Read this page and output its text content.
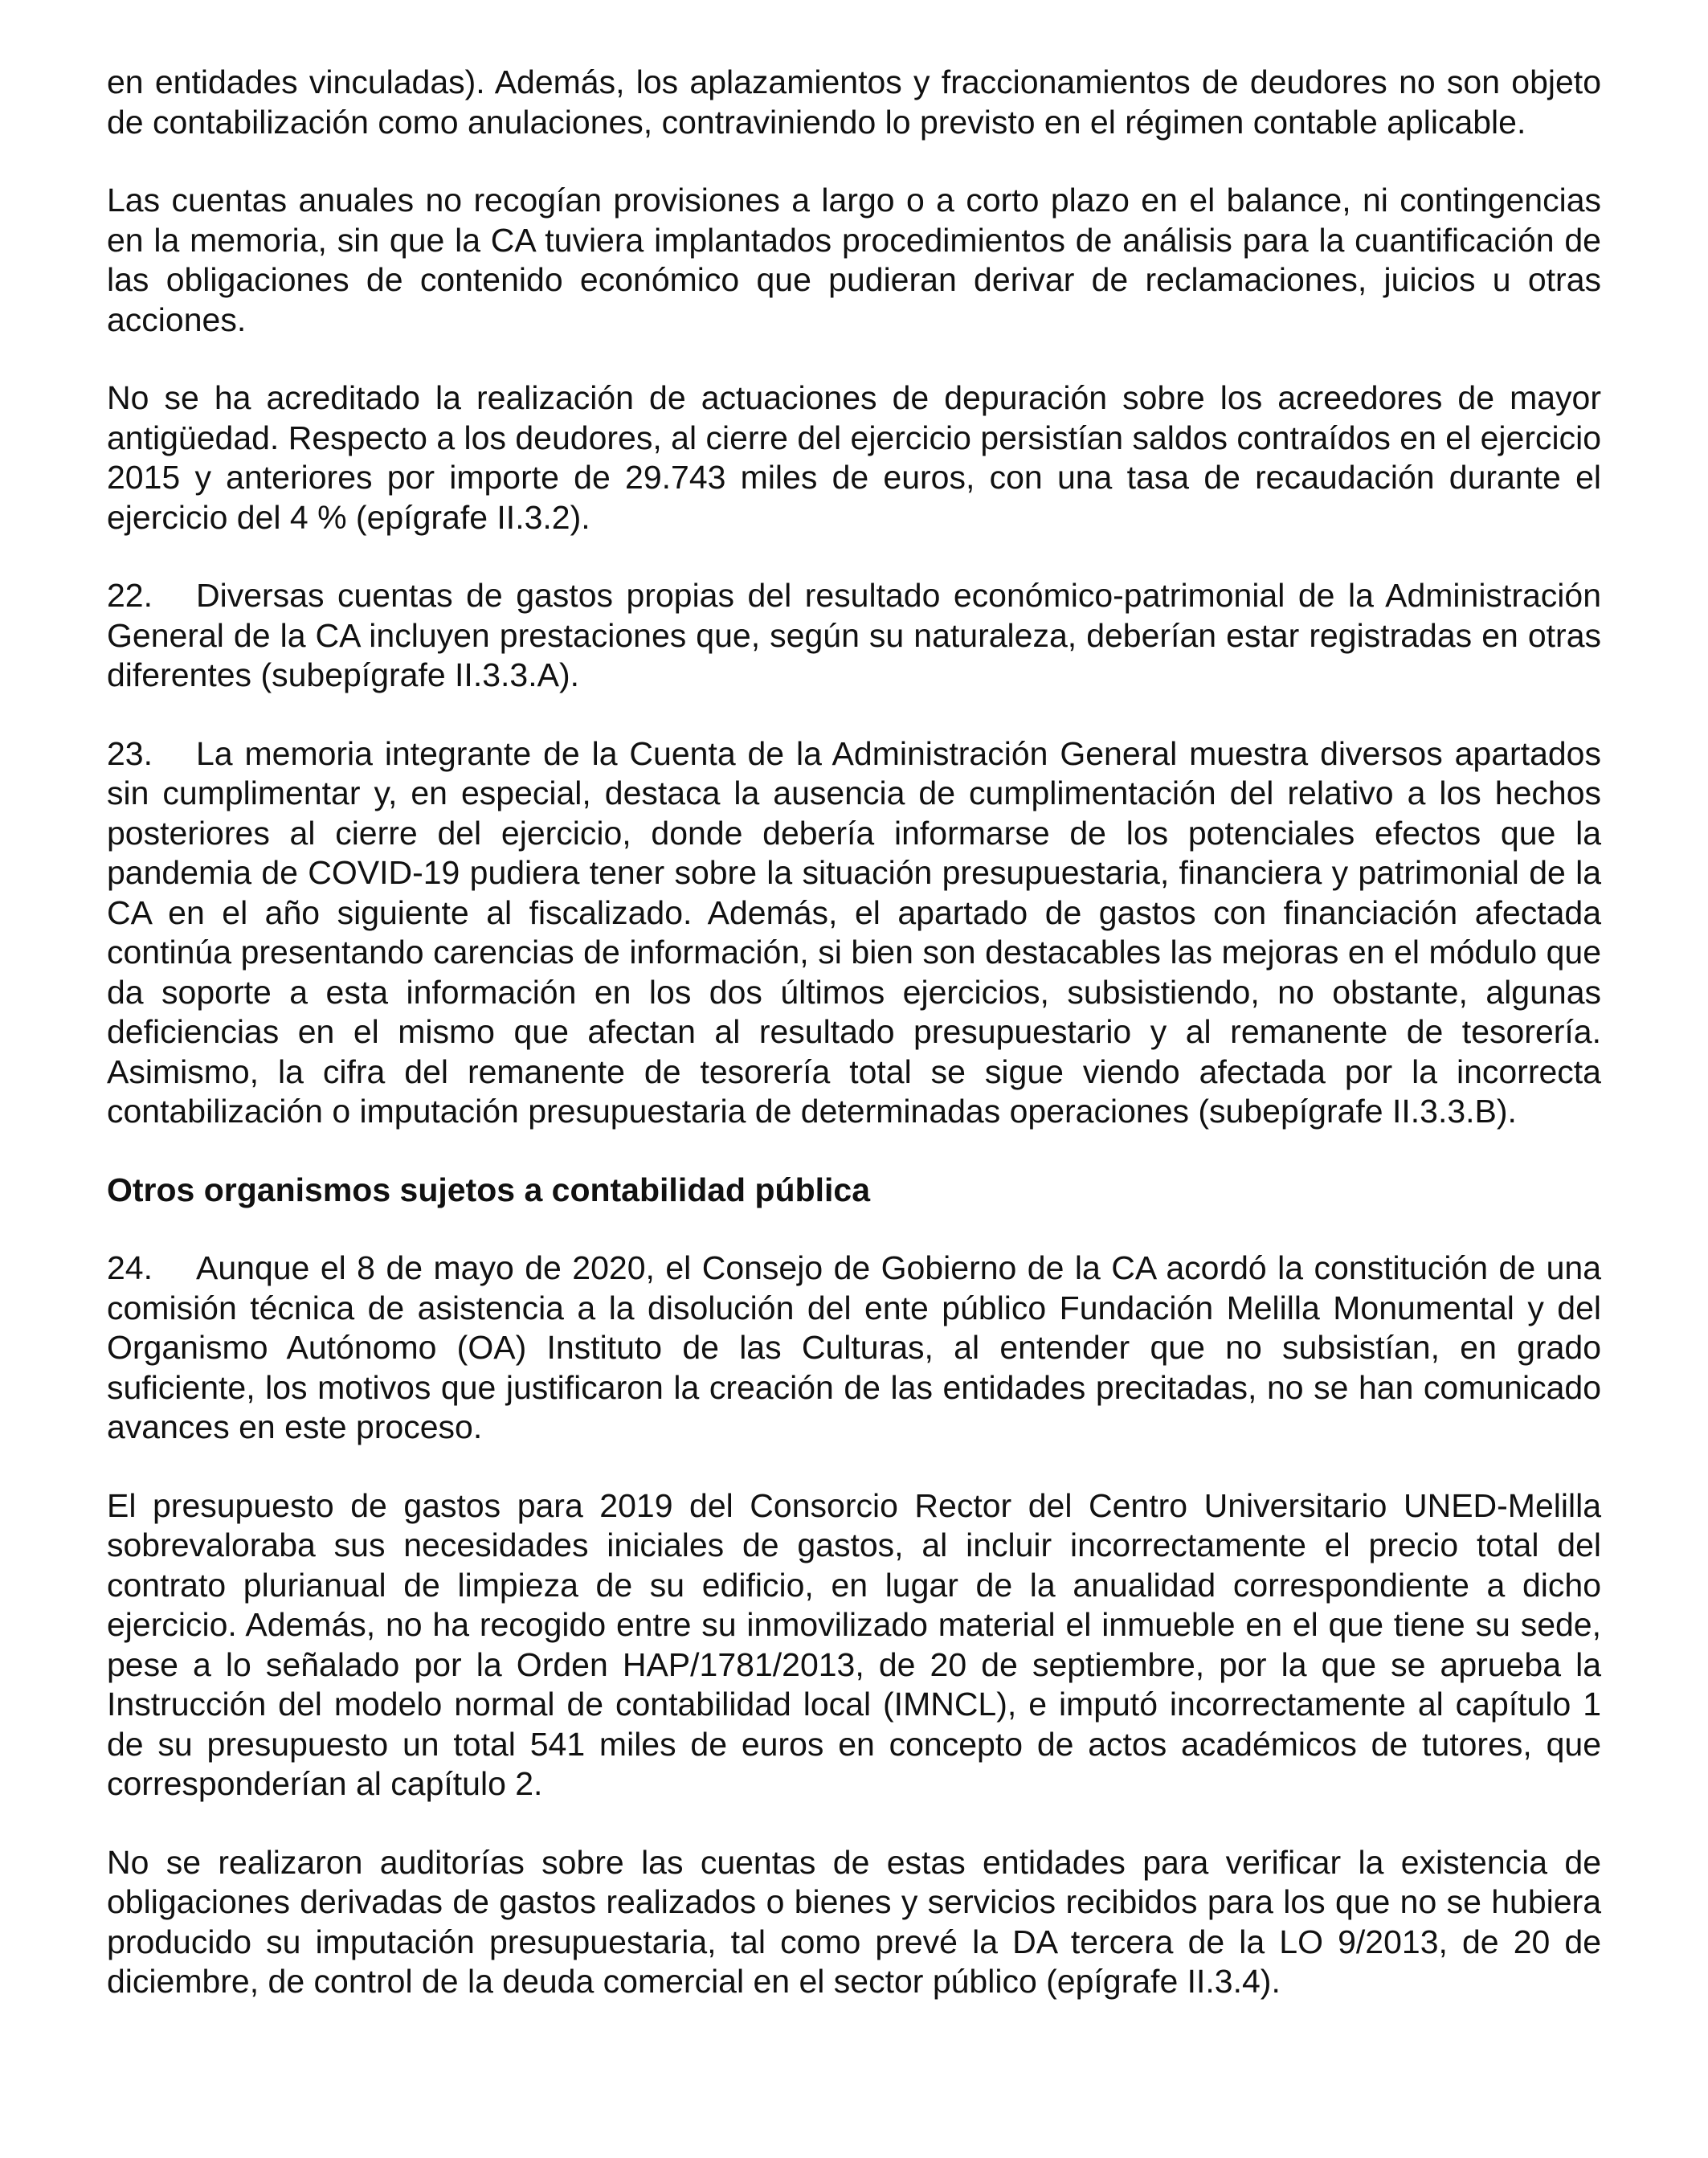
en entidades vinculadas). Además, los aplazamientos y fraccionamientos de deudores no son objeto de contabilización como anulaciones, contraviniendo lo previsto en el régimen contable aplicable.

Las cuentas anuales no recogían provisiones a largo o a corto plazo en el balance, ni contingencias en la memoria, sin que la CA tuviera implantados procedimientos de análisis para la cuantificación de las obligaciones de contenido económico que pudieran derivar de reclamaciones, juicios u otras acciones.

No se ha acreditado la realización de actuaciones de depuración sobre los acreedores de mayor antigüedad. Respecto a los deudores, al cierre del ejercicio persistían saldos contraídos en el ejercicio 2015 y anteriores por importe de 29.743 miles de euros, con una tasa de recaudación durante el ejercicio del 4 % (epígrafe II.3.2).

22. Diversas cuentas de gastos propias del resultado económico-patrimonial de la Administración General de la CA incluyen prestaciones que, según su naturaleza, deberían estar registradas en otras diferentes (subepígrafe II.3.3.A).

23. La memoria integrante de la Cuenta de la Administración General muestra diversos apartados sin cumplimentar y, en especial, destaca la ausencia de cumplimentación del relativo a los hechos posteriores al cierre del ejercicio, donde debería informarse de los potenciales efectos que la pandemia de COVID-19 pudiera tener sobre la situación presupuestaria, financiera y patrimonial de la CA en el año siguiente al fiscalizado. Además, el apartado de gastos con financiación afectada continúa presentando carencias de información, si bien son destacables las mejoras en el módulo que da soporte a esta información en los dos últimos ejercicios, subsistiendo, no obstante, algunas deficiencias en el mismo que afectan al resultado presupuestario y al remanente de tesorería. Asimismo, la cifra del remanente de tesorería total se sigue viendo afectada por la incorrecta contabilización o imputación presupuestaria de determinadas operaciones (subepígrafe II.3.3.B).

Otros organismos sujetos a contabilidad pública

24. Aunque el 8 de mayo de 2020, el Consejo de Gobierno de la CA acordó la constitución de una comisión técnica de asistencia a la disolución del ente público Fundación Melilla Monumental y del Organismo Autónomo (OA) Instituto de las Culturas, al entender que no subsistían, en grado suficiente, los motivos que justificaron la creación de las entidades precitadas, no se han comunicado avances en este proceso.

El presupuesto de gastos para 2019 del Consorcio Rector del Centro Universitario UNED-Melilla sobrevaloraba sus necesidades iniciales de gastos, al incluir incorrectamente el precio total del contrato plurianual de limpieza de su edificio, en lugar de la anualidad correspondiente a dicho ejercicio. Además, no ha recogido entre su inmovilizado material el inmueble en el que tiene su sede, pese a lo señalado por la Orden HAP/1781/2013, de 20 de septiembre, por la que se aprueba la Instrucción del modelo normal de contabilidad local (IMNCL), e imputó incorrectamente al capítulo 1 de su presupuesto un total 541 miles de euros en concepto de actos académicos de tutores, que corresponderían al capítulo 2.

No se realizaron auditorías sobre las cuentas de estas entidades para verificar la existencia de obligaciones derivadas de gastos realizados o bienes y servicios recibidos para los que no se hubiera producido su imputación presupuestaria, tal como prevé la DA tercera de la LO 9/2013, de 20 de diciembre, de control de la deuda comercial en el sector público (epígrafe II.3.4).
